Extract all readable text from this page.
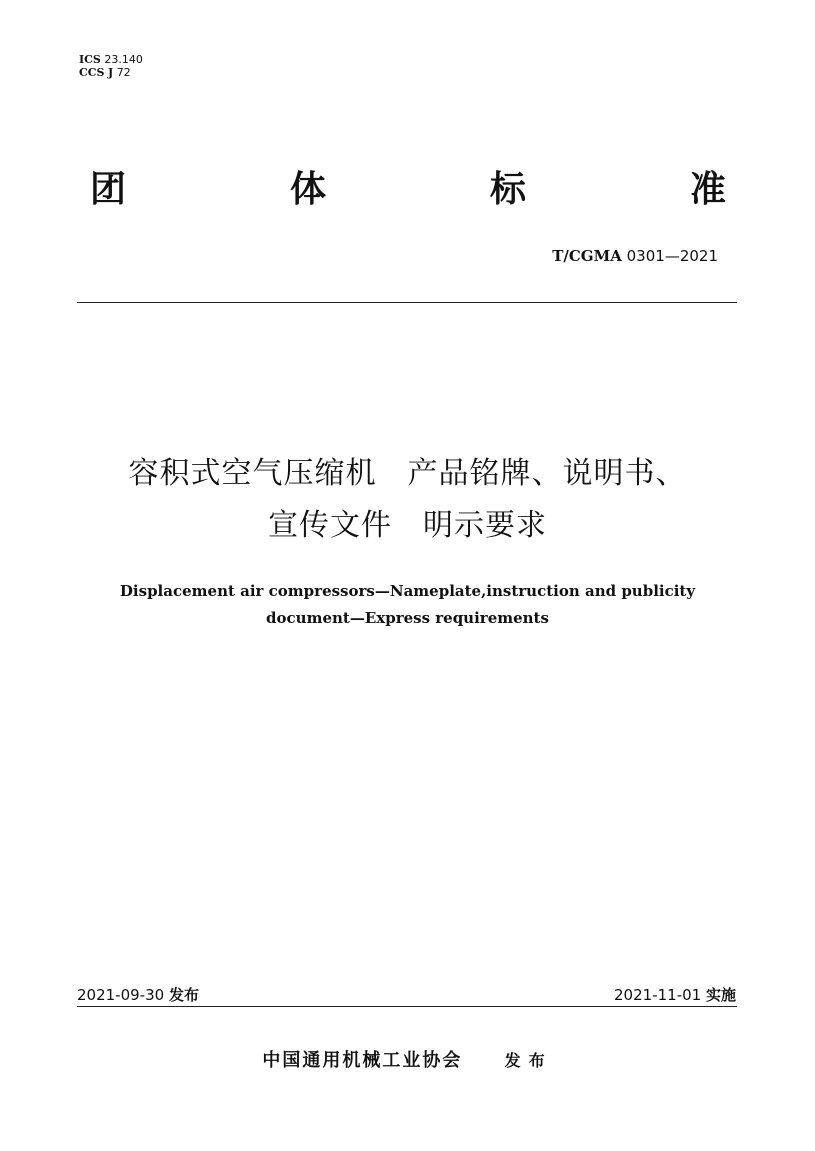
ICS 23.140
CCS J 72
团	体	标	准
T/CGMA 0301—2021
容积式空气压缩机　产品铭牌、说明书、
宣传文件　明示要求
Displacement air compressors—Nameplate,instruction and publicity
document—Express requirements
2021-09-30 发布	2021-11-01 实施
中国通用机械工业协会	发布
